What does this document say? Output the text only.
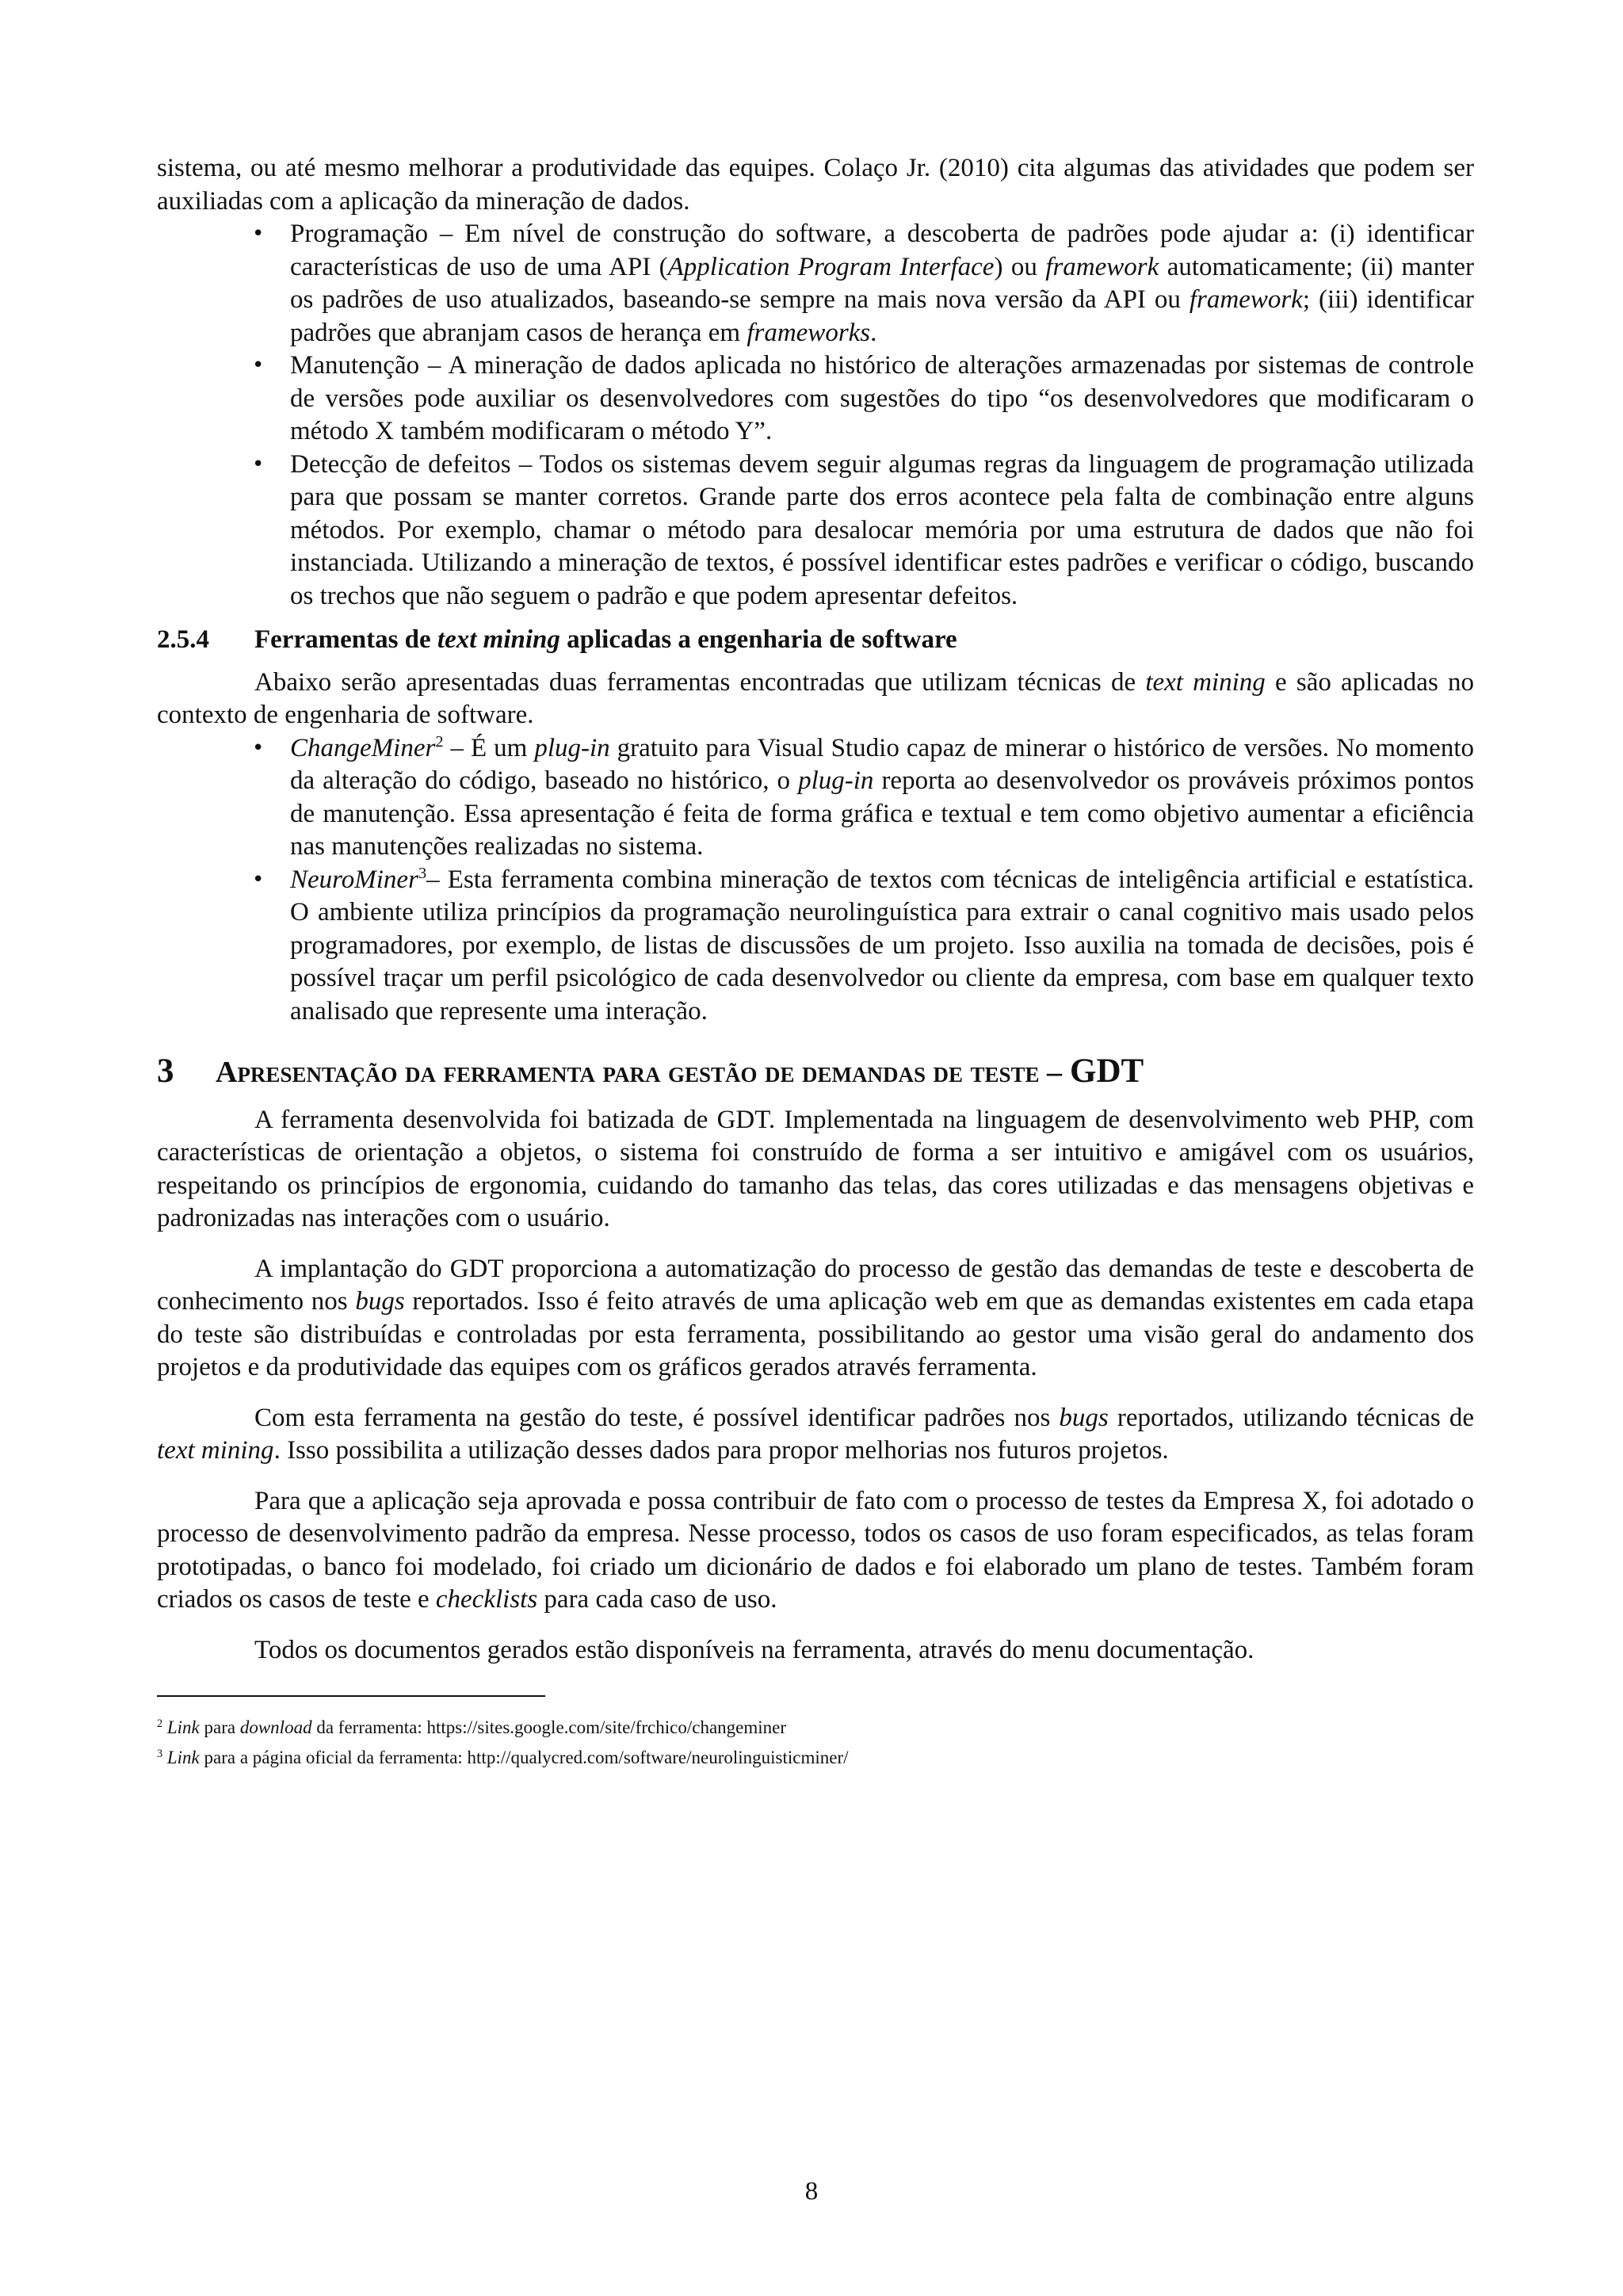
sistema, ou até mesmo melhorar a produtividade das equipes. Colaço Jr. (2010) cita algumas das atividades que podem ser auxiliadas com a aplicação da mineração de dados.

• Programação – Em nível de construção do software, a descoberta de padrões pode ajudar a: (i) identificar características de uso de uma API (Application Program Interface) ou framework automaticamente; (ii) manter os padrões de uso atualizados, baseando-se sempre na mais nova versão da API ou framework; (iii) identificar padrões que abranjam casos de herança em frameworks.
• Manutenção – A mineração de dados aplicada no histórico de alterações armazenadas por sistemas de controle de versões pode auxiliar os desenvolvedores com sugestões do tipo “os desenvolvedores que modificaram o método X também modificaram o método Y”.
• Detecção de defeitos – Todos os sistemas devem seguir algumas regras da linguagem de programação utilizada para que possam se manter corretos. Grande parte dos erros acontece pela falta de combinação entre alguns métodos. Por exemplo, chamar o método para desalocar memória por uma estrutura de dados que não foi instanciada. Utilizando a mineração de textos, é possível identificar estes padrões e verificar o código, buscando os trechos que não seguem o padrão e que podem apresentar defeitos.
2.5.4	Ferramentas de text mining aplicadas a engenharia de software

Abaixo serão apresentadas duas ferramentas encontradas que utilizam técnicas de text mining e são aplicadas no contexto de engenharia de software.

• ChangeMiner$^2$ – É um plug-in gratuito para Visual Studio capaz de minerar o histórico de versões. No momento da alteração do código, baseado no histórico, o plug-in reporta ao desenvolvedor os prováveis próximos pontos de manutenção. Essa apresentação é feita de forma gráfica e textual e tem como objetivo aumentar a eficiência nas manutenções realizadas no sistema.
• NeuroMiner$^3$– Esta ferramenta combina mineração de textos com técnicas de inteligência artificial e estatística. O ambiente utiliza princípios da programação neurolinguística para extrair o canal cognitivo mais usado pelos programadores, por exemplo, de listas de discussões de um projeto. Isso auxilia na tomada de decisões, pois é possível traçar um perfil psicológico de cada desenvolvedor ou cliente da empresa, com base em qualquer texto analisado que represente uma interação.
3	Apresentação da ferramenta para gestão de demandas de teste – GDT

A ferramenta desenvolvida foi batizada de GDT. Implementada na linguagem de desenvolvimento web PHP, com características de orientação a objetos, o sistema foi construído de forma a ser intuitivo e amigável com os usuários, respeitando os princípios de ergonomia, cuidando do tamanho das telas, das cores utilizadas e das mensagens objetivas e padronizadas nas interações com o usuário.

A implantação do GDT proporciona a automatização do processo de gestão das demandas de teste e descoberta de conhecimento nos bugs reportados. Isso é feito através de uma aplicação web em que as demandas existentes em cada etapa do teste são distribuídas e controladas por esta ferramenta, possibilitando ao gestor uma visão geral do andamento dos projetos e da produtividade das equipes com os gráficos gerados através ferramenta.

Com esta ferramenta na gestão do teste, é possível identificar padrões nos bugs reportados, utilizando técnicas de text mining. Isso possibilita a utilização desses dados para propor melhorias nos futuros projetos.

Para que a aplicação seja aprovada e possa contribuir de fato com o processo de testes da Empresa X, foi adotado o processo de desenvolvimento padrão da empresa. Nesse processo, todos os casos de uso foram especificados, as telas foram prototipadas, o banco foi modelado, foi criado um dicionário de dados e foi elaborado um plano de testes. Também foram criados os casos de teste e checklists para cada caso de uso.

Todos os documentos gerados estão disponíveis na ferramenta, através do menu documentação.

$^2$ Link para download da ferramenta: https://sites.google.com/site/frchico/changeminer

$^3$ Link para a página oficial da ferramenta: http://qualycred.com/software/neurolinguisticminer/

8
